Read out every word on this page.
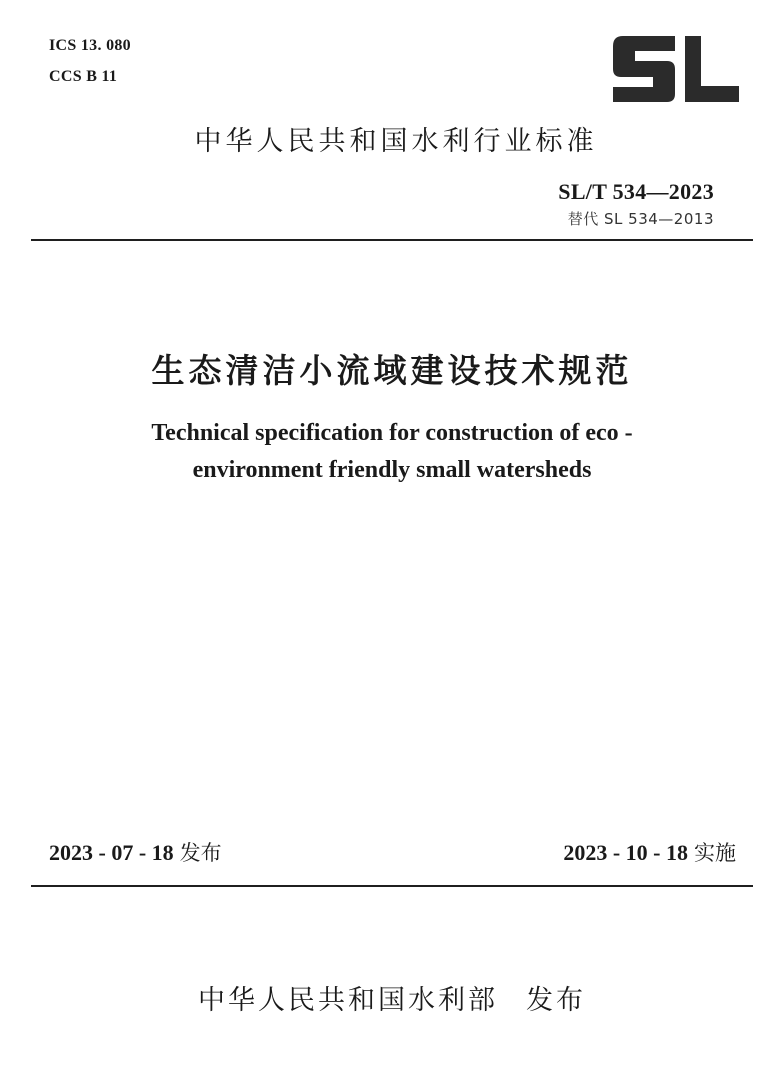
ICS 13. 080
CCS B 11
中华人民共和国水利行业标准
SL/T 534—2023
替代 SL 534—2013
生态清洁小流域建设技术规范
Technical specification for construction of eco -
environment friendly small watersheds
2023 - 07 - 18 发布	2023 - 10 - 18 实施
中华人民共和国水利部 发布
